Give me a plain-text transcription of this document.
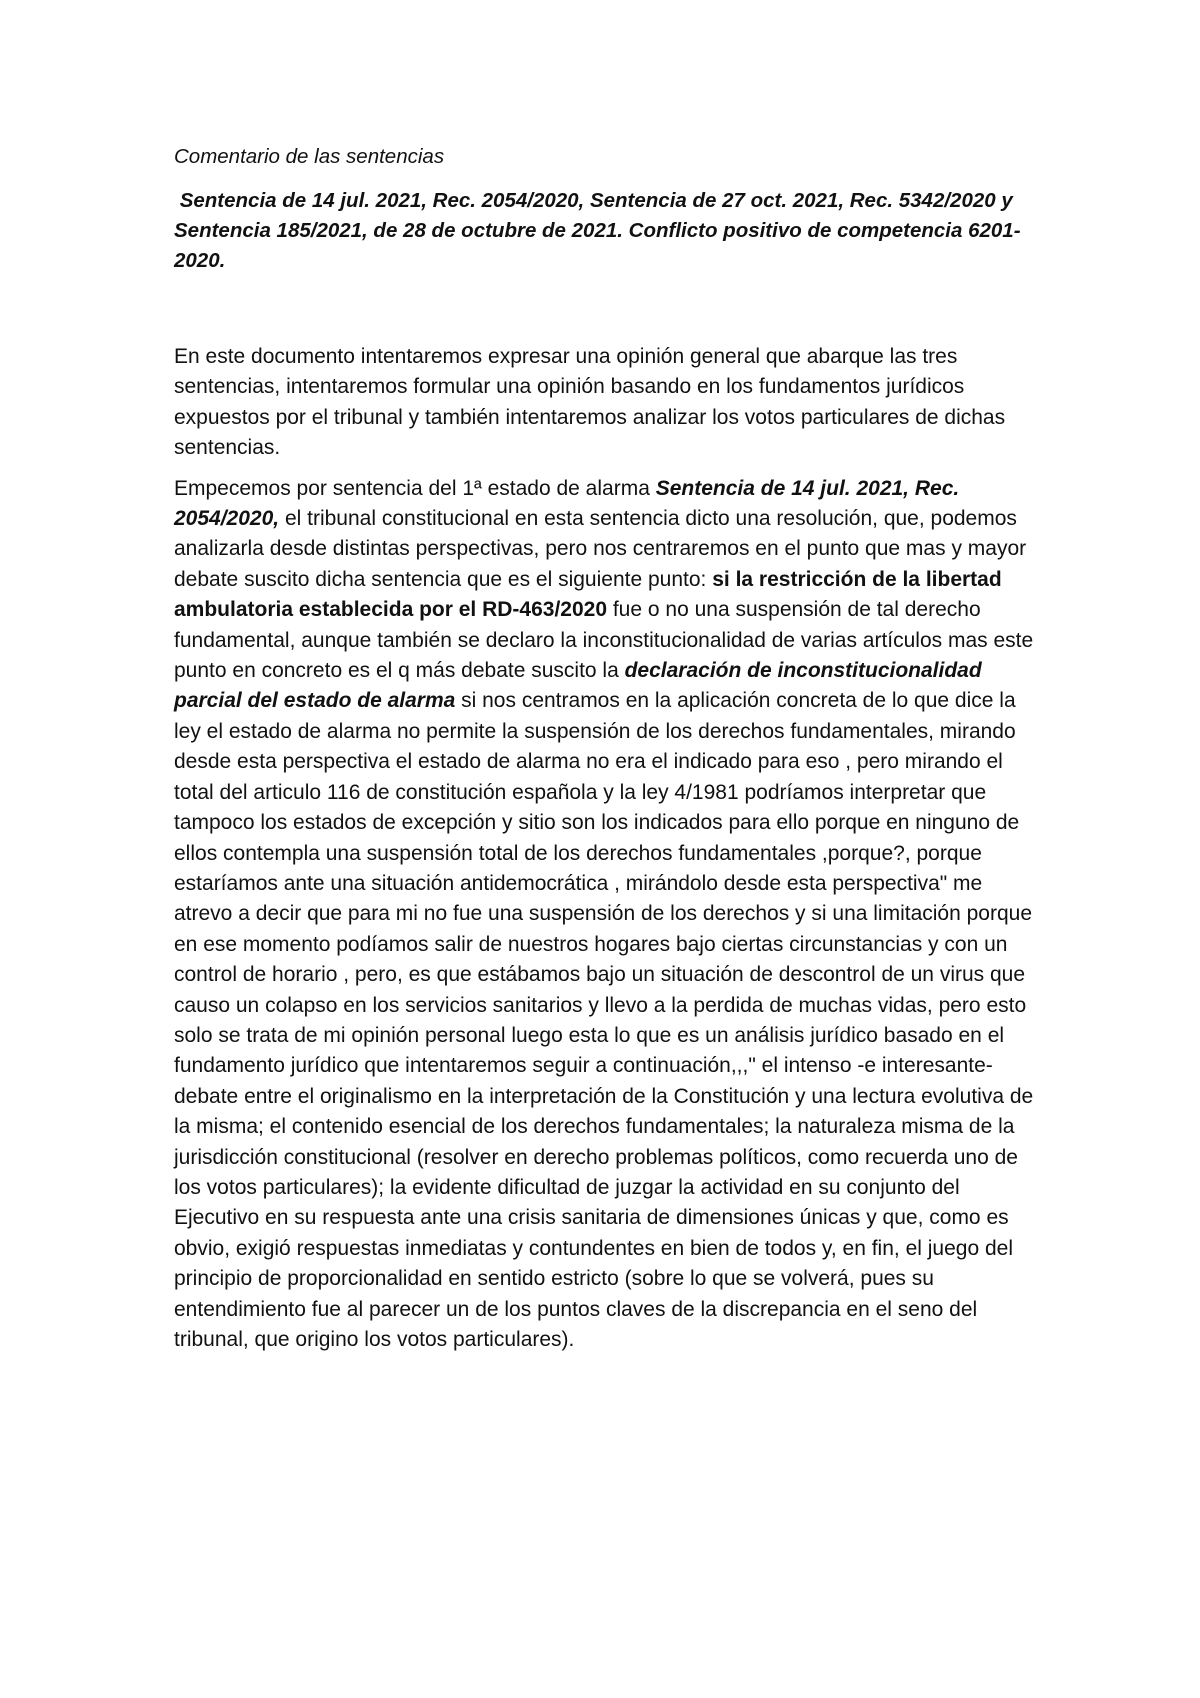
Comentario de las sentencias

Sentencia de 14 jul. 2021, Rec. 2054/2020, Sentencia de 27 oct. 2021, Rec. 5342/2020 y Sentencia 185/2021, de 28 de octubre de 2021. Conflicto positivo de competencia 6201-2020.

En este documento intentaremos expresar una opinión general que abarque las tres sentencias, intentaremos formular una opinión basando en los fundamentos jurídicos expuestos por el tribunal y también intentaremos analizar los votos particulares de dichas sentencias.

Empecemos por sentencia del 1ª estado de alarma Sentencia de 14 jul. 2021, Rec. 2054/2020, el tribunal constitucional en esta sentencia dicto una resolución, que, podemos analizarla desde distintas perspectivas, pero nos centraremos en el punto que mas y mayor debate suscito dicha sentencia que es el siguiente punto: si la restricción de la libertad ambulatoria establecida por el RD-463/2020 fue o no una suspensión de tal derecho fundamental, aunque también se declaro la inconstitucionalidad de varias artículos mas este punto en concreto es el q más debate suscito la declaración de inconstitucionalidad parcial del estado de alarma si nos centramos en la aplicación concreta de lo que dice la ley el estado de alarma no permite la suspensión de los derechos fundamentales, mirando desde esta perspectiva el estado de alarma no era el indicado para eso , pero mirando el total del articulo 116 de constitución española y la ley 4/1981 podríamos interpretar que tampoco los estados de excepción y sitio son los indicados para ello porque en ninguno de ellos contempla una suspensión total de los derechos fundamentales ,porque?, porque estaríamos ante una situación antidemocrática , mirándolo desde esta perspectiva" me atrevo a decir que para mi no fue una suspensión de los derechos y si una limitación porque en ese momento podíamos salir de nuestros hogares bajo ciertas circunstancias y con un control de horario , pero, es que estábamos bajo un situación de descontrol de un virus que causo un colapso en los servicios sanitarios y llevo a la perdida de muchas vidas, pero esto solo se trata de mi opinión personal luego esta lo que es un análisis jurídico basado en el fundamento jurídico que intentaremos seguir a continuación,,," el intenso -e interesante- debate entre el originalismo en la interpretación de la Constitución y una lectura evolutiva de la misma; el contenido esencial de los derechos fundamentales; la naturaleza misma de la jurisdicción constitucional (resolver en derecho problemas políticos, como recuerda uno de los votos particulares); la evidente dificultad de juzgar la actividad en su conjunto del Ejecutivo en su respuesta ante una crisis sanitaria de dimensiones únicas y que, como es obvio, exigió respuestas inmediatas y contundentes en bien de todos y, en fin, el juego del principio de proporcionalidad en sentido estricto (sobre lo que se volverá, pues su entendimiento fue al parecer un de los puntos claves de la discrepancia en el seno del tribunal, que origino los votos particulares).
